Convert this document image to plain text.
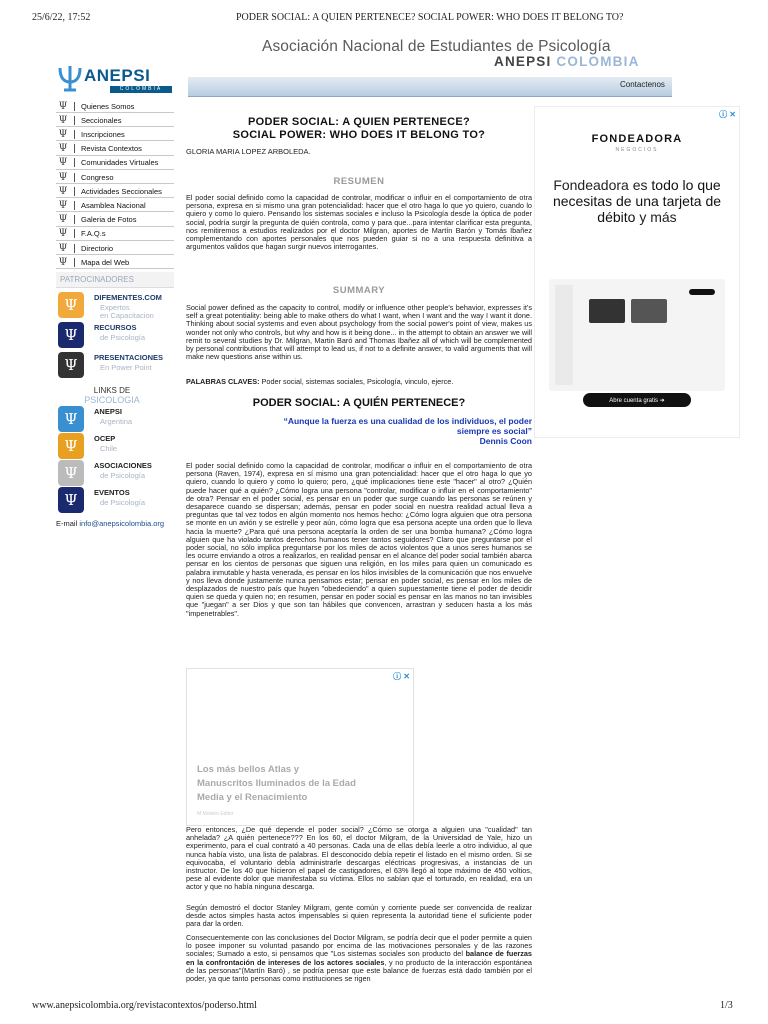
25/6/22, 17:52	PODER SOCIAL: A QUIEN PERTENECE? SOCIAL POWER: WHO DOES IT BELONG TO?
www.anepsicolombia.org/revistacontextos/poderso.html	1/3
Asociación Nacional de Estudiantes de Psicología
ANEPSI COLOMBIA
Contactenos
ANEPSI
COLOMBIA
Ψ	Quienes Somos
Ψ	Seccionales
Ψ	Inscripciones
Ψ	Revista Contextos
Ψ	Comunidades Virtuales
Ψ	Congreso
Ψ	Actividades Seccionales
Ψ	Asamblea Nacional
Ψ	Galeria de Fotos
Ψ	F.A.Q.s
Ψ	Directorio
Ψ	Mapa del Web
PATROCINADORES
Ψ	DIFEMENTES.COM
Expertos
en Capacitacion
Ψ	RECURSOS
de Psicología
Ψ	PRESENTACIONES
En Power Point
LINKS DE
PSICOLOGIA
Ψ	ANEPSI
Argentina
Ψ	OCEP
Chile
Ψ	ASOCIACIONES
de Psicología
Ψ	EVENTOS
de Psicología
E-mail info@anepsicolombia.org
PODER SOCIAL: A QUIEN PERTENECE?
SOCIAL POWER: WHO DOES IT BELONG TO?
GLORIA MARIA LOPEZ ARBOLEDA.
RESUMEN
El poder social definido como la capacidad de controlar, modificar o influir en el comportamiento de otra persona, expresa en si mismo una gran potencialidad: hacer que el otro haga lo que yo quiero, cuando lo quiero y como lo quiero. Pensando los sistemas sociales e incluso la Psicología desde la óptica de poder social, podría surgir la pregunta de quién controla, como y para que...para intentar clarificar esta pregunta, nos remitiremos a estudios realizados por el doctor Milgran, aportes de Martín Barón y Tomás Ibañez complementando con aportes personales que nos pueden guiar si no a una respuesta definitiva a argumentos validos que hagan surgir nuevos interrogantes.
SUMMARY
Social power defined as the capacity to control, modify or influence other people's behavior, expresses it's self a great potentiality: being able to make others do what I want, when I want and the way I want it done. Thinking about social systems and even about psychology from the social power's point of view, makes us wonder not only who controls, but why and how is it being done... in the attempt to obtain an answer we will remit to several studies by Dr. Milgran, Martin Baró and Thomas Ibañez all of which will be complemented by personal contributions that will attempt to lead us, if not to a definite answer, to valid arguments that will make new questions arise within us.
PALABRAS CLAVES: Poder social, sistemas sociales, Psicología, vinculo, ejerce.
PODER SOCIAL: A QUIÉN PERTENECE?
“Aunque la fuerza es una cualidad de los individuos, el poder
siempre es social”
Dennis Coon
El poder social definido como la capacidad de controlar, modificar o influir en el comportamiento de otra persona (Raven, 1974), expresa en sí mismo una gran potencialidad: hacer que el otro haga lo que yo quiero, cuando lo quiero y como lo quiero; pero, ¿qué implicaciones tiene este "hacer" al otro? ¿Quién puede hacer qué a quién? ¿Cómo logra una persona "controlar, modificar o influir en el comportamiento" de otra? Pensar en el poder social, es pensar en un poder que surge cuando las personas se reúnen y desaparece cuando se dispersan; además, pensar en poder social en nuestra realidad actual lleva a preguntas que tal vez todos en algún momento nos hemos hecho: ¿Cómo logra alguien que otra persona se monte en un avión y se estrelle y peor aún, cómo logra que esa persona acepte una orden que lo lleva hacia la muerte? ¿Para qué una persona aceptaría la orden de ser una bomba humana? ¿Cómo logra alguien que ha violado tantos derechos humanos tener tantos seguidores? Claro que preguntarse por el poder social, no sólo implica preguntarse por los miles de actos violentos que a unos seres humanos se les ocurre enviando a otros a realizarlos, en realidad pensar en el alcance del poder social también abarca pensar en los cientos de personas que siguen una religión, en los miles para quien un comunicado es palabra inmutable y hasta venerada, es pensar en los hilos invisibles de la comunicación que nos envuelve y nos lleva donde justamente nunca pensamos estar; pensar en poder social, es pensar en los miles de desplazados de nuestro país que huyen "obedeciendo" a quien supuestamente tiene el poder de decidir quien se queda y quien no; en resumen, pensar en poder social es pensar en las manos no tan invisibles que "juegan" a ser Dios y que son tan hábiles que convencen, arrastran y seducen hasta a los más "impenetrables".
ⓘ ✕
Los más bellos Atlas y Manuscritos Iluminados de la Edad Media y el Renacimiento
M Moleiro Editor
Pero entonces, ¿De qué depende el poder social? ¿Cómo se otorga a alguien una "cualidad" tan anhelada? ¿A quién pertenece??? En los 60, el doctor Milgram, de la Universidad de Yale, hizo un experimento, para el cual contrató a 40 personas. Cada una de ellas debía leerle a otro individuo, al que nunca había visto, una lista de palabras. El desconocido debía repetir el listado en el mismo orden. Si se equivocaba, el voluntario debía administrarle descargas eléctricas progresivas, a instancias de un instructor. De los 40 que hicieron el papel de castigadores, el 63% llegó al tope máximo de 450 voltios, pese al evidente dolor que manifestaba su víctima. Ellos no sabían que el torturado, en realidad, era un actor y que no había ninguna descarga.
Según demostró el doctor Stanley Milgram, gente común y corriente puede ser convencida de realizar desde actos simples hasta actos impensables si quien representa la autoridad tiene el suficiente poder para dar la orden.
Consecuentemente con las conclusiones del Doctor Milgram, se podría decir que el poder permite a quien lo posee imponer su voluntad pasando por encima de las motivaciones personales y de las razones sociales; Sumado a esto, si pensamos que "Los sistemas sociales son producto del balance de fuerzas en la confrontación de intereses de los actores sociales, y no producto de la interacción espontánea de las personas"(Martín Baró) , se podría pensar que este balance de fuerzas está dado también por el poder, ya que tanto personas como instituciones se rigen
ⓘ ✕
FONDEADORA
NEGOCIOS
Fondeadora es todo lo que necesitas de una tarjeta de débito y más
Abre cuenta gratis ➜
